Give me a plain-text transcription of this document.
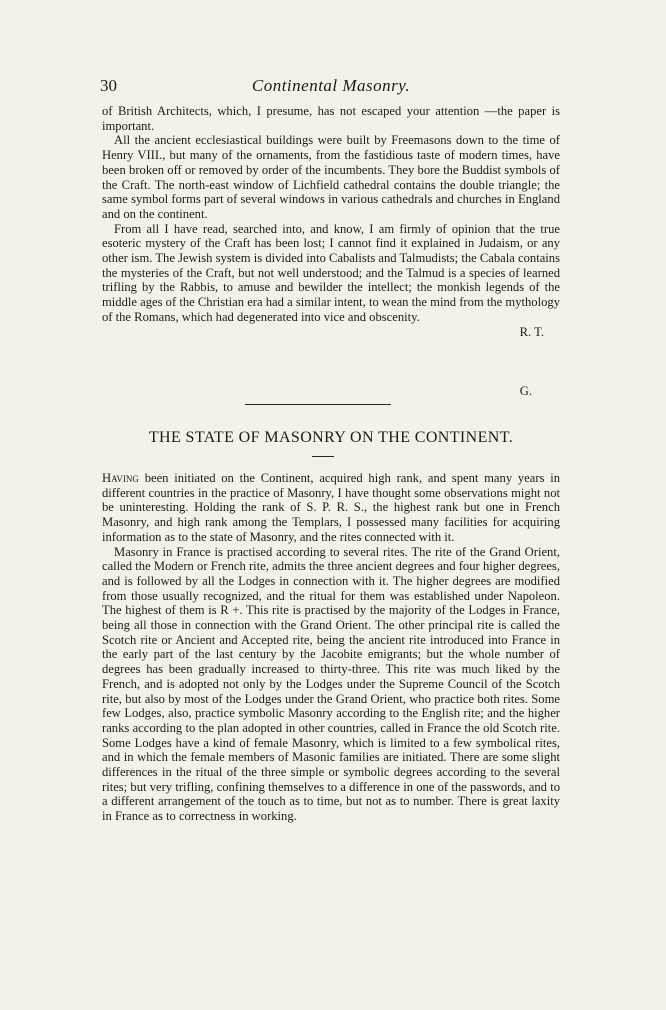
30	Continental Masonry.

of British Architects, which, I presume, has not escaped your attention —the paper is important.

All the ancient ecclesiastical buildings were built by Freemasons down to the time of Henry VIII., but many of the ornaments, from the fastidious taste of modern times, have been broken off or removed by order of the incumbents. They bore the Buddist symbols of the Craft. The north-east window of Lichfield cathedral contains the double triangle; the same symbol forms part of several windows in various cathedrals and churches in England and on the continent.

From all I have read, searched into, and know, I am firmly of opinion that the true esoteric mystery of the Craft has been lost; I cannot find it explained in Judaism, or any other ism. The Jewish system is divided into Cabalists and Talmudists; the Cabala contains the mysteries of the Craft, but not well understood; and the Talmud is a species of learned trifling by the Rabbis, to amuse and bewilder the intellect; the monkish legends of the middle ages of the Christian era had a similar intent, to wean the mind from the mythology of the Romans, which had degenerated into vice and obscenity.

R. T.

G.
THE STATE OF MASONRY ON THE CONTINENT.

Having been initiated on the Continent, acquired high rank, and spent many years in different countries in the practice of Masonry, I have thought some observations might not be uninteresting. Holding the rank of S. P. R. S., the highest rank but one in French Masonry, and high rank among the Templars, I possessed many facilities for acquiring information as to the state of Masonry, and the rites connected with it.

Masonry in France is practised according to several rites. The rite of the Grand Orient, called the Modern or French rite, admits the three ancient degrees and four higher degrees, and is followed by all the Lodges in connection with it. The higher degrees are modified from those usually recognized, and the ritual for them was established under Napoleon. The highest of them is R +. This rite is practised by the majority of the Lodges in France, being all those in connection with the Grand Orient. The other principal rite is called the Scotch rite or Ancient and Accepted rite, being the ancient rite introduced into France in the early part of the last century by the Jacobite emigrants; but the whole number of degrees has been gradually increased to thirty-three. This rite was much liked by the French, and is adopted not only by the Lodges under the Supreme Council of the Scotch rite, but also by most of the Lodges under the Grand Orient, who practice both rites. Some few Lodges, also, practice symbolic Masonry according to the English rite; and the higher ranks according to the plan adopted in other countries, called in France the old Scotch rite. Some Lodges have a kind of female Masonry, which is limited to a few symbolical rites, and in which the female members of Masonic families are initiated. There are some slight differences in the ritual of the three simple or symbolic degrees according to the several rites; but very trifling, confining themselves to a difference in one of the passwords, and to a different arrangement of the touch as to time, but not as to number. There is great laxity in France as to correctness in working.
